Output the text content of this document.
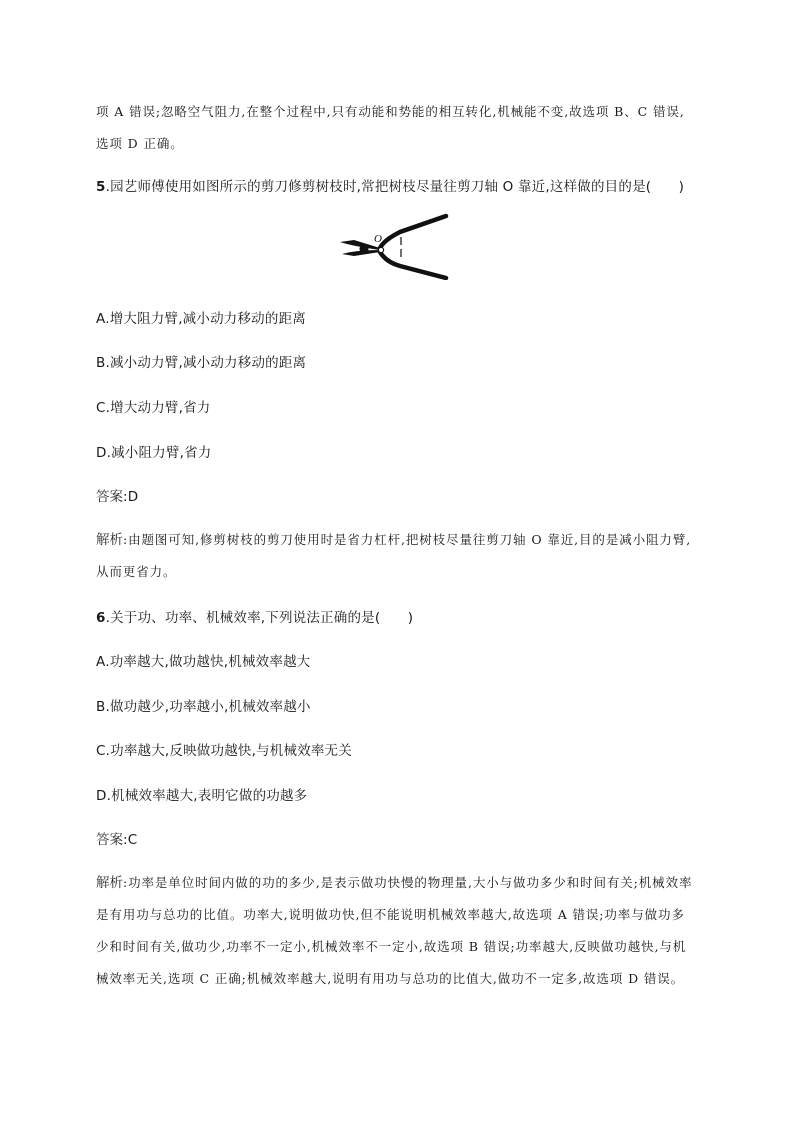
项 A 错误;忽略空气阻力,在整个过程中,只有动能和势能的相互转化,机械能不变,故选项 B、C 错误,选项 D 正确。
5.园艺师傅使用如图所示的剪刀修剪树枝时,常把树枝尽量往剪刀轴 O 靠近,这样做的目的是(　　)
O
A.增大阻力臂,减小动力移动的距离
B.减小动力臂,减小动力移动的距离
C.增大动力臂,省力
D.减小阻力臂,省力
答案:D
解析:由题图可知,修剪树枝的剪刀使用时是省力杠杆,把树枝尽量往剪刀轴 O 靠近,目的是减小阻力臂,从而更省力。
6.关于功、功率、机械效率,下列说法正确的是(　　)
A.功率越大,做功越快,机械效率越大
B.做功越少,功率越小,机械效率越小
C.功率越大,反映做功越快,与机械效率无关
D.机械效率越大,表明它做的功越多
答案:C
解析:功率是单位时间内做的功的多少,是表示做功快慢的物理量,大小与做功多少和时间有关;机械效率是有用功与总功的比值。功率大,说明做功快,但不能说明机械效率越大,故选项 A 错误;功率与做功多少和时间有关,做功少,功率不一定小,机械效率不一定小,故选项 B 错误;功率越大,反映做功越快,与机械效率无关,选项 C 正确;机械效率越大,说明有用功与总功的比值大,做功不一定多,故选项 D 错误。
